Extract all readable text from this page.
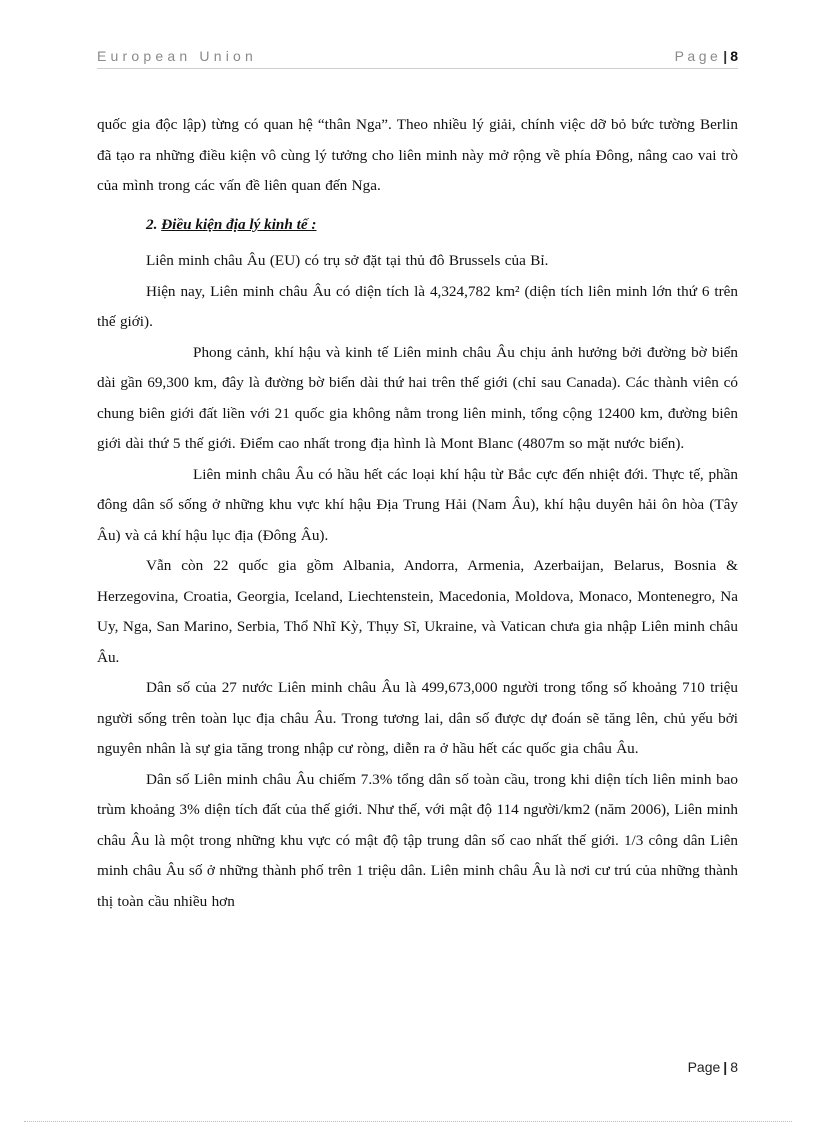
European Union	Page | 8

quốc gia độc lập) từng có quan hệ “thân Nga”. Theo nhiều lý giải, chính việc dỡ bỏ bức tường Berlin đã tạo ra những điều kiện vô cùng lý tưởng cho liên minh này mở rộng về phía Đông, nâng cao vai trò của mình trong các vấn đề liên quan đến Nga.

2. Điều kiện địa lý kinh tế :

Liên minh châu Âu (EU) có trụ sở đặt tại thủ đô Brussels của Bỉ.

Hiện nay, Liên minh châu Âu có diện tích là 4,324,782 km² (diện tích liên minh lớn thứ 6 trên thế giới).

Phong cảnh, khí hậu và kinh tế Liên minh châu Âu chịu ảnh hưởng bởi đường bờ biển dài gần 69,300 km, đây là đường bờ biển dài thứ hai trên thế giới (chỉ sau Canada). Các thành viên có chung biên giới đất liền với 21 quốc gia không nằm trong liên minh, tổng cộng 12400 km, đường biên giới dài thứ 5 thế giới. Điểm cao nhất trong địa hình là Mont Blanc (4807m so mặt nước biển).

Liên minh châu Âu có hầu hết các loại khí hậu từ Bắc cực đến nhiệt đới. Thực tế, phần đông dân số sống ở những khu vực khí hậu Địa Trung Hải (Nam Âu), khí hậu duyên hải ôn hòa (Tây Âu) và cả khí hậu lục địa (Đông Âu).

Vẫn còn 22 quốc gia gồm Albania, Andorra, Armenia, Azerbaijan, Belarus, Bosnia & Herzegovina, Croatia, Georgia, Iceland, Liechtenstein, Macedonia, Moldova, Monaco, Montenegro, Na Uy, Nga, San Marino, Serbia, Thổ Nhĩ Kỳ, Thụy Sĩ, Ukraine, và Vatican chưa gia nhập Liên minh châu Âu.

Dân số của 27 nước Liên minh châu Âu là 499,673,000 người trong tổng số khoảng 710 triệu người sống trên toàn lục địa châu Âu. Trong tương lai, dân số được dự đoán sẽ tăng lên, chủ yếu bởi nguyên nhân là sự gia tăng trong nhập cư ròng, diễn ra ở hầu hết các quốc gia châu Âu.

Dân số Liên minh châu Âu chiếm 7.3% tổng dân số toàn cầu, trong khi diện tích liên minh bao trùm khoảng 3% diện tích đất của thế giới. Như thế, với mật độ 114 người/km2 (năm 2006), Liên minh châu Âu là một trong những khu vực có mật độ tập trung dân số cao nhất thế giới. 1/3 công dân Liên minh châu Âu số ở những thành phố trên 1 triệu dân. Liên minh châu Âu là nơi cư trú của những thành thị toàn cầu nhiều hơn

Page | 8
